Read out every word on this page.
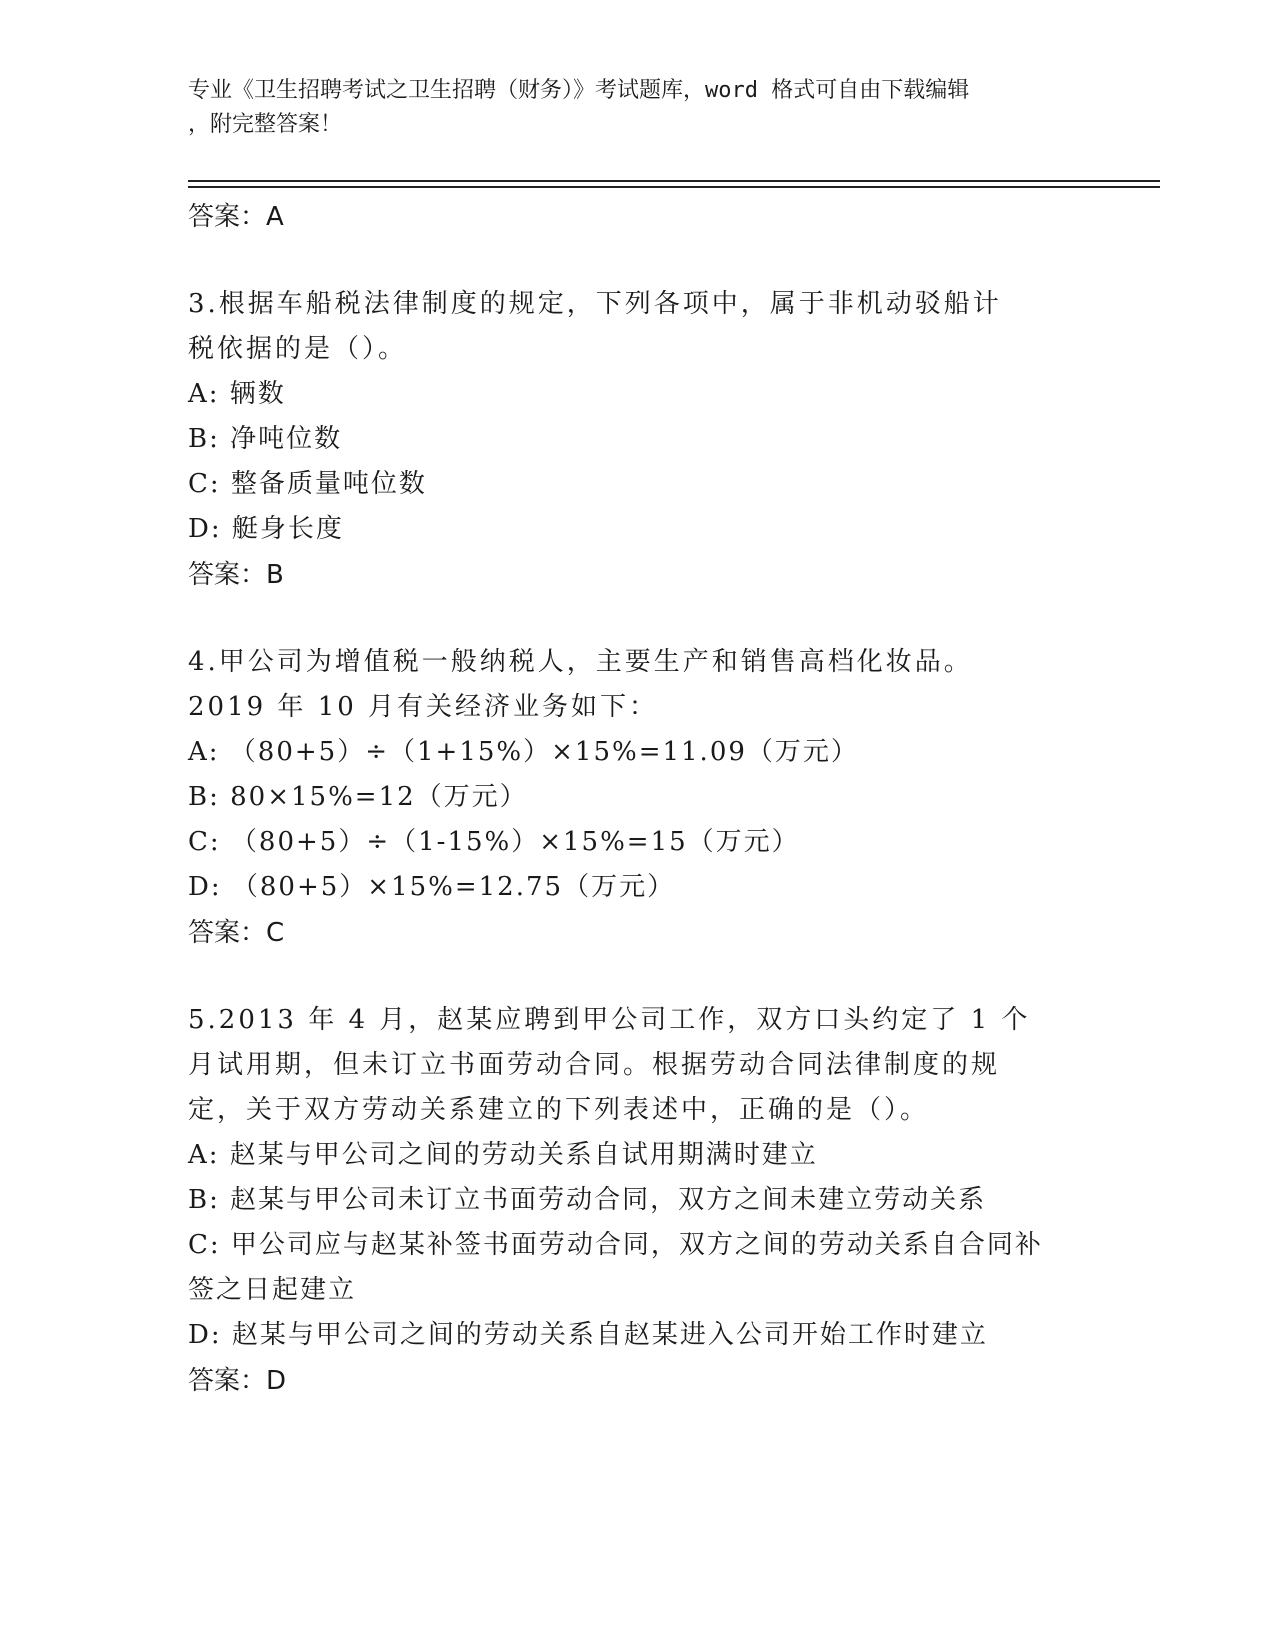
专业《卫生招聘考试之卫生招聘（财务）》考试题库，word 格式可自由下载编辑
，附完整答案！
答案： A
3.根据车船税法律制度的规定，下列各项中，属于非机动驳船计税依据的是（）。
A: 辆数
B: 净吨位数
C: 整备质量吨位数
D: 艇身长度
答案： B
4.甲公司为增值税一般纳税人，主要生产和销售高档化妆品。2019 年 10 月有关经济业务如下：
A: （80+5）÷（1+15%）×15%=11.09（万元）
B: 80×15%=12（万元）
C: （80+5）÷（1-15%）×15%=15（万元）
D: （80+5）×15%=12.75（万元）
答案： C
5.2013 年 4 月，赵某应聘到甲公司工作，双方口头约定了 1 个月试用期，但未订立书面劳动合同。根据劳动合同法律制度的规定，关于双方劳动关系建立的下列表述中，正确的是（）。
A: 赵某与甲公司之间的劳动关系自试用期满时建立
B: 赵某与甲公司未订立书面劳动合同，双方之间未建立劳动关系
C: 甲公司应与赵某补签书面劳动合同，双方之间的劳动关系自合同补签之日起建立
D: 赵某与甲公司之间的劳动关系自赵某进入公司开始工作时建立
答案： D
